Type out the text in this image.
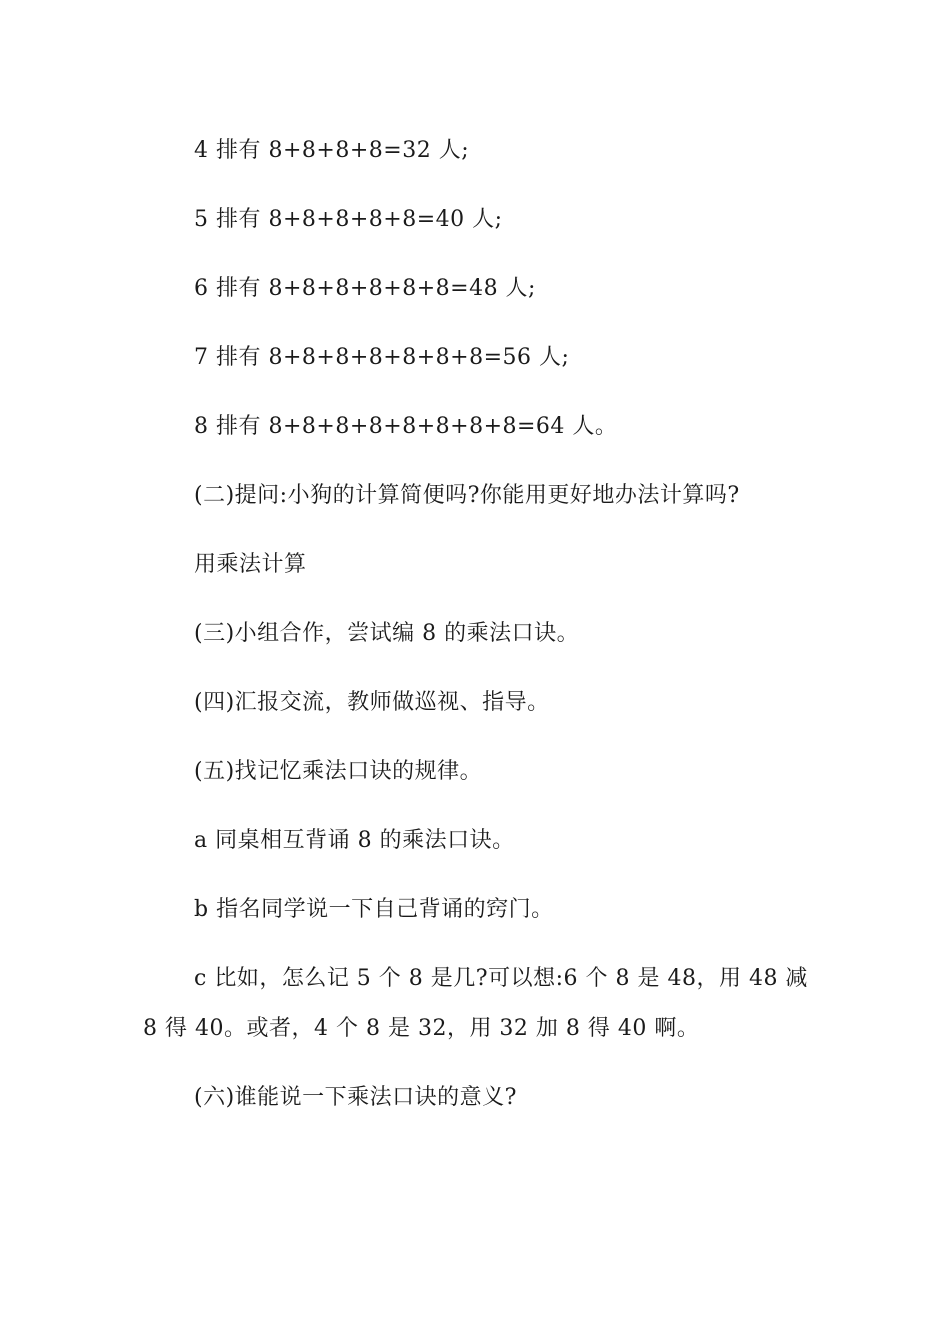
4 排有 8+8+8+8=32 人;
5 排有 8+8+8+8+8=40 人;
6 排有 8+8+8+8+8+8=48 人;
7 排有 8+8+8+8+8+8+8=56 人;
8 排有 8+8+8+8+8+8+8+8=64 人。
(二)提问:小狗的计算简便吗?你能用更好地办法计算吗?
用乘法计算
(三)小组合作，尝试编 8 的乘法口诀。
(四)汇报交流，教师做巡视、指导。
(五)找记忆乘法口诀的规律。
a 同桌相互背诵 8 的乘法口诀。
b 指名同学说一下自己背诵的窍门。
c 比如，怎么记 5 个 8 是几?可以想:6 个 8 是 48，用 48 减
8 得 40。或者，4 个 8 是 32，用 32 加 8 得 40 啊。
(六)谁能说一下乘法口诀的意义?
